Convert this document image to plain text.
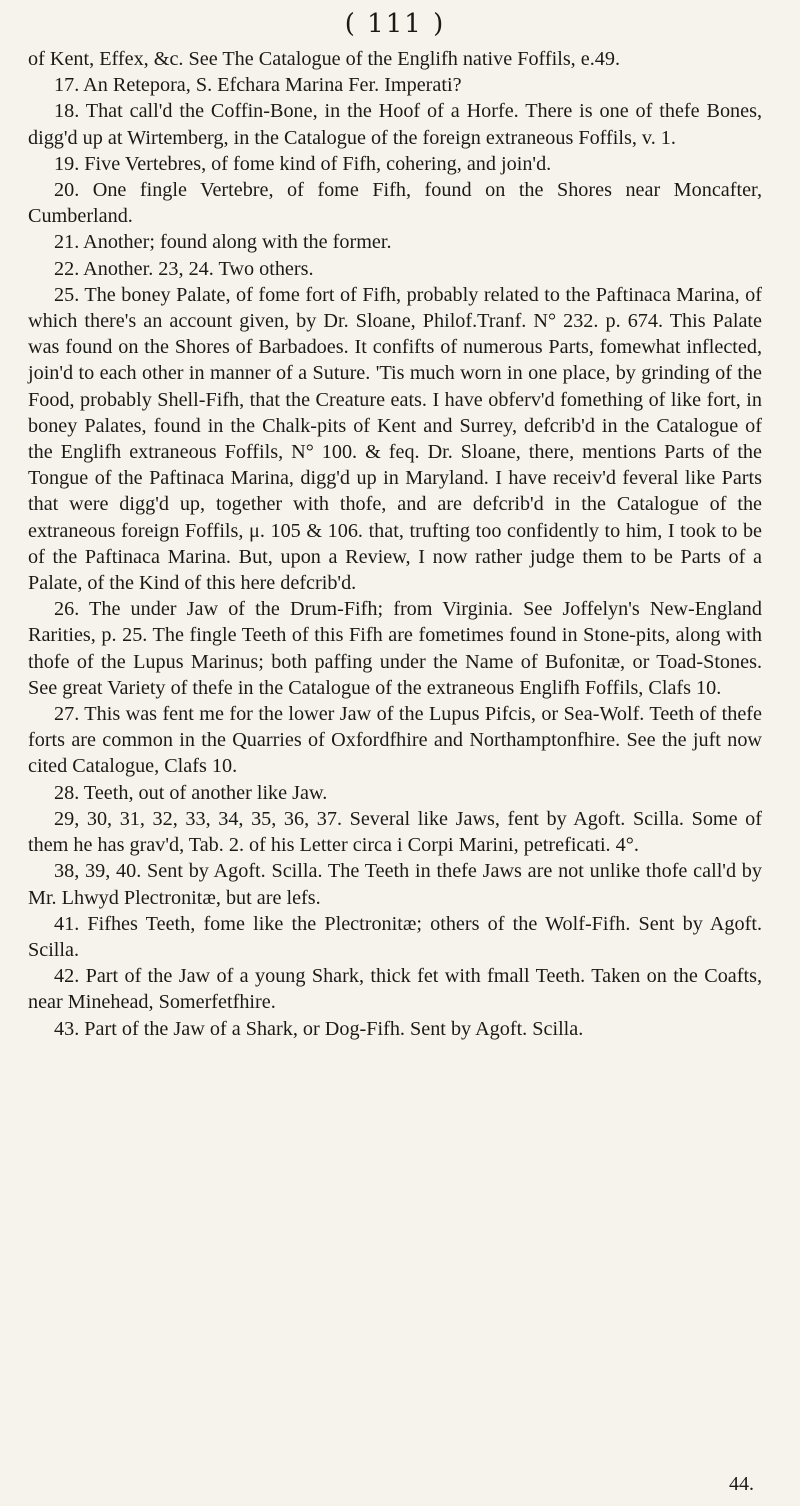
( 111 )

of Kent, Effex, &c. See The Catalogue of the Englifh native Foffils, e.49.

17. An Retepora, S. Efchara Marina Fer. Imperati?

18. That call'd the Coffin-Bone, in the Hoof of a Horfe. There is one of thefe Bones, digg'd up at Wirtemberg, in the Catalogue of the foreign extraneous Foffils, v. 1.

19. Five Vertebres, of fome kind of Fifh, cohering, and join'd.

20. One fingle Vertebre, of fome Fifh, found on the Shores near Moncafter, Cumberland.

21. Another; found along with the former.

22. Another. 23, 24. Two others.

25. The boney Palate, of fome fort of Fifh, probably related to the Paftinaca Marina, of which there's an account given, by Dr. Sloane, Philof.Tranf. N° 232. p. 674. This Palate was found on the Shores of Barbadoes. It confifts of numerous Parts, fomewhat inflected, join'd to each other in manner of a Suture. 'Tis much worn in one place, by grinding of the Food, probably Shell-Fifh, that the Creature eats. I have obferv'd fomething of like fort, in boney Palates, found in the Chalk-pits of Kent and Surrey, defcrib'd in the Catalogue of the Englifh extraneous Foffils, N° 100. & feq. Dr. Sloane, there, mentions Parts of the Tongue of the Paftinaca Marina, digg'd up in Maryland. I have receiv'd feveral like Parts that were digg'd up, together with thofe, and are defcrib'd in the Catalogue of the extraneous foreign Foffils, μ. 105 & 106. that, trufting too confidently to him, I took to be of the Paftinaca Marina. But, upon a Review, I now rather judge them to be Parts of a Palate, of the Kind of this here defcrib'd.

26. The under Jaw of the Drum-Fifh; from Virginia. See Joffelyn's New-England Rarities, p. 25. The fingle Teeth of this Fifh are fometimes found in Stone-pits, along with thofe of the Lupus Marinus; both paffing under the Name of Bufonitæ, or Toad-Stones. See great Variety of thefe in the Catalogue of the extraneous Englifh Foffils, Clafs 10.

27. This was fent me for the lower Jaw of the Lupus Pifcis, or Sea-Wolf. Teeth of thefe forts are common in the Quarries of Oxfordfhire and Northamptonfhire. See the juft now cited Catalogue, Clafs 10.

28. Teeth, out of another like Jaw.

29, 30, 31, 32, 33, 34, 35, 36, 37. Several like Jaws, fent by Agoft. Scilla. Some of them he has grav'd, Tab. 2. of his Letter circa i Corpi Marini, petreficati. 4°.

38, 39, 40. Sent by Agoft. Scilla. The Teeth in thefe Jaws are not unlike thofe call'd by Mr. Lhwyd Plectronitæ, but are lefs.

41. Fifhes Teeth, fome like the Plectronitæ; others of the Wolf-Fifh. Sent by Agoft. Scilla.

42. Part of the Jaw of a young Shark, thick fet with fmall Teeth. Taken on the Coafts, near Minehead, Somerfetfhire.

43. Part of the Jaw of a Shark, or Dog-Fifh. Sent by Agoft. Scilla.

44.
